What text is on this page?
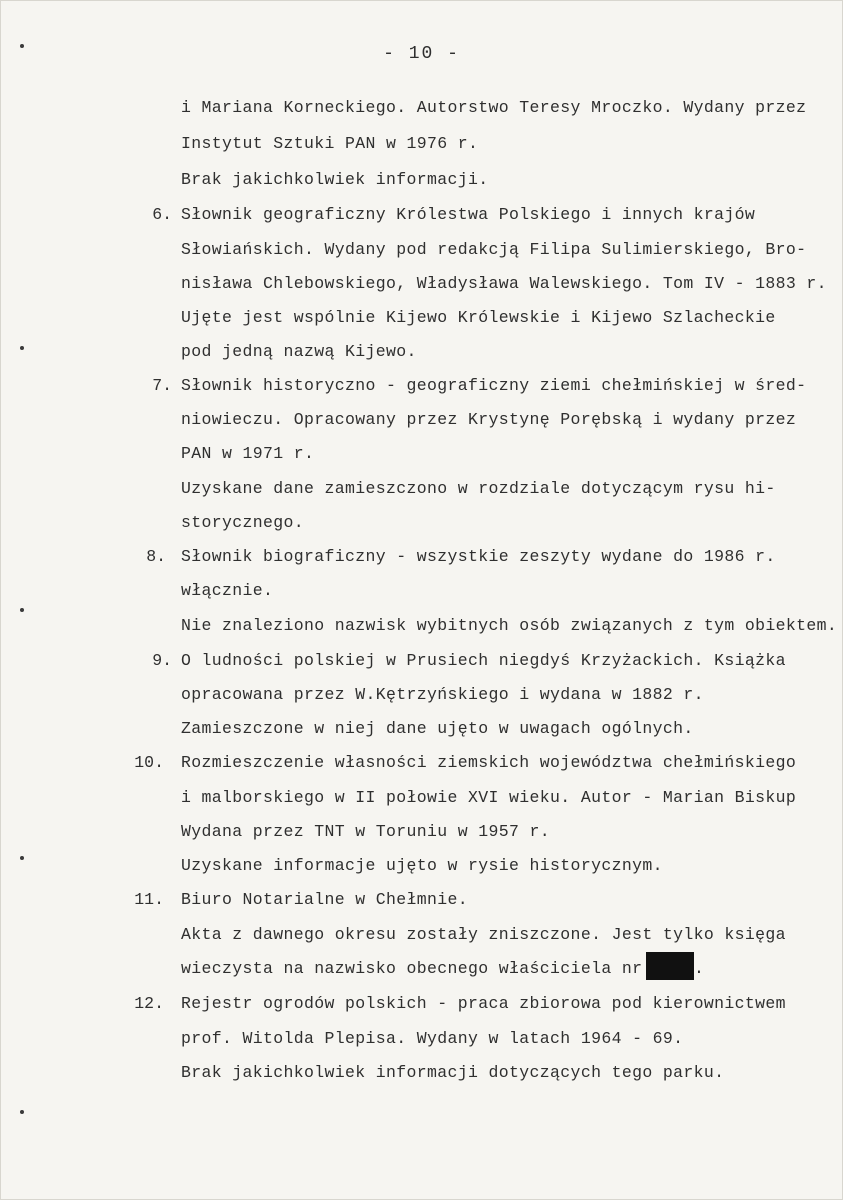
- 10 -
i Mariana Korneckiego. Autorstwo Teresy Mroczko. Wydany przez
Instytut Sztuki PAN w 1976 r.
Brak jakichkolwiek informacji.
6. Słownik geograficzny Królestwa Polskiego i innych krajów
Słowiańskich. Wydany pod redakcją Filipa Sulimierskiego, Bro-
nisława Chlebowskiego, Władysława Walewskiego. Tom IV - 1883 r.
Ujęte jest wspólnie Kijewo Królewskie i Kijewo Szlacheckie
pod jedną nazwą Kijewo.
7. Słownik historyczno - geograficzny ziemi chełmińskiej w śred-
niowieczu. Opracowany przez Krystynę Porębską i wydany przez
PAN w 1971 r.
Uzyskane dane zamieszczono w rozdziale dotyczącym rysu hi-
storycznego.
8. Słownik biograficzny - wszystkie zeszyty wydane do 1986 r.
włącznie.
Nie znaleziono nazwisk wybitnych osób związanych z tym obiektem.
9. O ludności polskiej w Prusiech niegdyś Krzyżackich. Książka
opracowana przez W.Kętrzyńskiego i wydana w 1882 r.
Zamieszczone w niej dane ujęto w uwagach ogólnych.
10. Rozmieszczenie własności ziemskich województwa chełmińskiego
i malborskiego w II połowie XVI wieku. Autor - Marian Biskup
Wydana przez TNT w Toruniu w 1957 r.
Uzyskane informacje ujęto w rysie historycznym.
11. Biuro Notarialne w Chełmnie.
Akta z dawnego okresu zostały zniszczone. Jest tylko księga
wieczysta na nazwisko obecnego właściciela nr	.
12. Rejestr ogrodów polskich - praca zbiorowa pod kierownictwem
prof. Witolda Plepisa. Wydany w latach 1964 - 69.
Brak jakichkolwiek informacji dotyczących tego parku.
